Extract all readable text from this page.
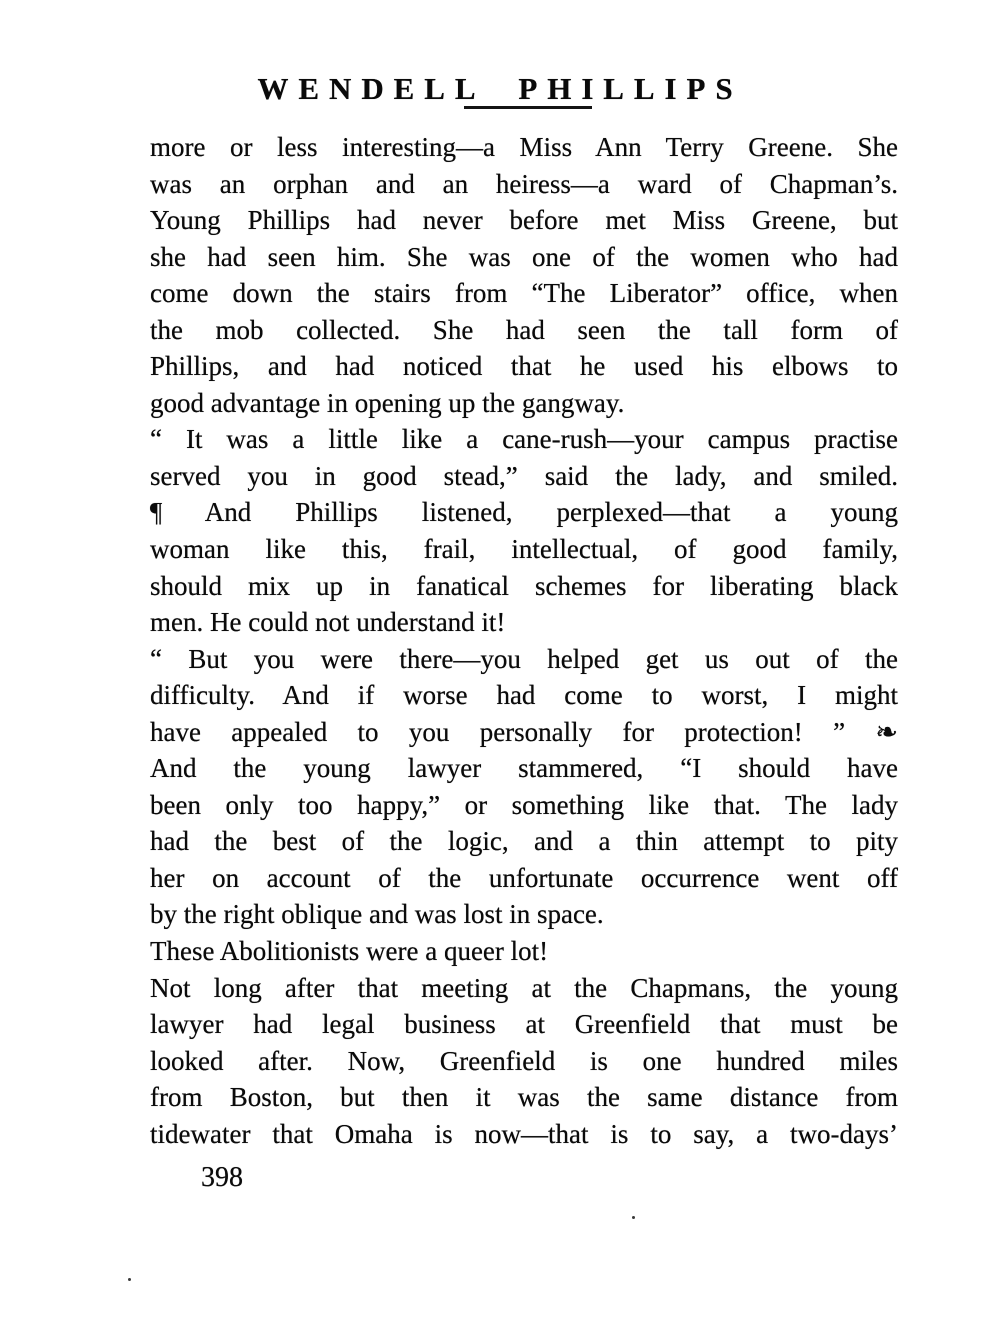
WENDELL PHILLIPS
more or less interesting—a Miss Ann Terry Greene. She
was an orphan and an heiress—a ward of Chapman’s.
Young Phillips had never before met Miss Greene, but
she had seen him. She was one of the women who had
come down the stairs from “The Liberator” office, when
the mob collected. She had seen the tall form of
Phillips, and had noticed that he used his elbows to
good advantage in opening up the gangway.
“ It was a little like a cane-rush—your campus practise
served you in good stead,” said the lady, and smiled.
¶ And Phillips listened, perplexed—that a young
woman like this, frail, intellectual, of good family,
should mix up in fanatical schemes for liberating black
men. He could not understand it!
“ But you were there—you helped get us out of the
difficulty. And if worse had come to worst, I might
have appealed to you personally for protection! ” ❧
And the young lawyer stammered, “I should have
been only too happy,” or something like that. The lady
had the best of the logic, and a thin attempt to pity
her on account of the unfortunate occurrence went off
by the right oblique and was lost in space.
These Abolitionists were a queer lot!
Not long after that meeting at the Chapmans, the young
lawyer had legal business at Greenfield that must be
looked after. Now, Greenfield is one hundred miles
from Boston, but then it was the same distance from
tidewater that Omaha is now—that is to say, a two-days’
398
